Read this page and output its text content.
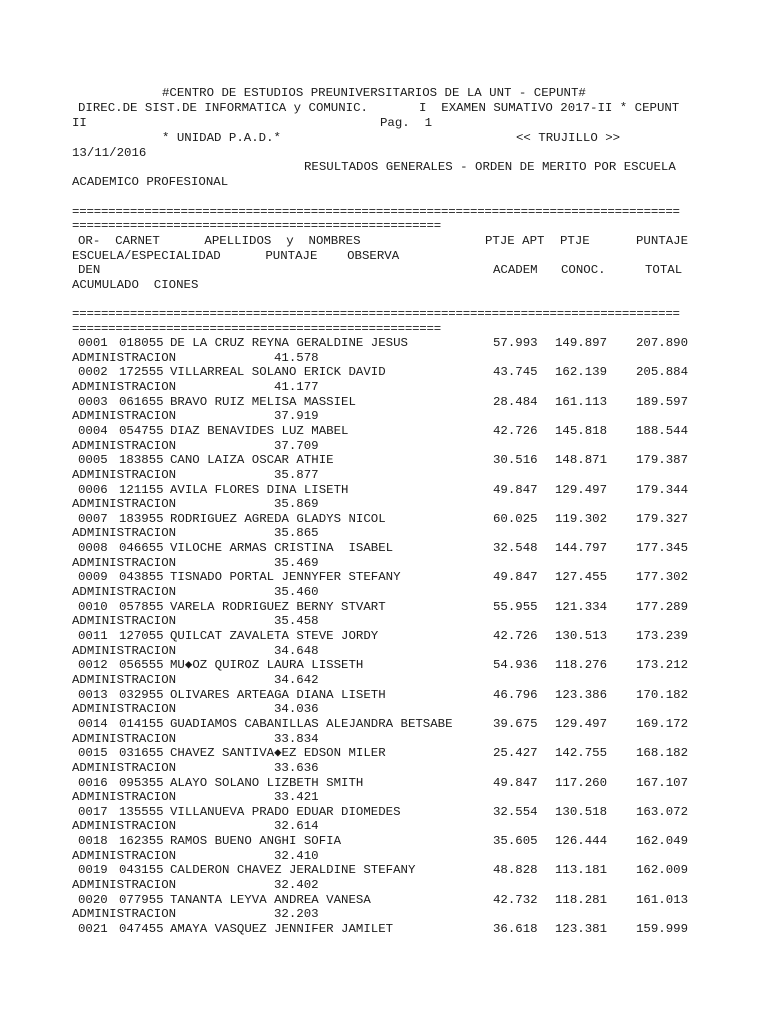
#CENTRO DE ESTUDIOS PREUNIVERSITARIOS DE LA UNT - CEPUNT#
DIREC.DE SIST.DE INFORMATICA y COMUNIC.	I  EXAMEN SUMATIVO 2017-II * CEPUNT
II	Pag.  1
* UNIDAD P.A.D.*	<< TRUJILLO >>
13/11/2016
RESULTADOS GENERALES - ORDEN DE MERITO POR ESCUELA
ACADEMICO PROFESIONAL
====================================================================================
===================================================
OR-  CARNET      APELLIDOS  y  NOMBRES	PTJE APT PTJE	PUNTAJE
ESCUELA/ESPECIALIDAD      PUNTAJE    OBSERVA
DEN	ACADEM CONOC.	TOTAL
ACUMULADO  CIONES
====================================================================================
===================================================
0001 018055 DE LA CRUZ REYNA GERALDINE JESUS	57.993 149.897 207.890
ADMINISTRACION	41.578
0002 172555 VILLARREAL SOLANO ERICK DAVID	43.745 162.139 205.884
ADMINISTRACION	41.177
0003 061655 BRAVO RUIZ MELISA MASSIEL	28.484 161.113 189.597
ADMINISTRACION	37.919
0004 054755 DIAZ BENAVIDES LUZ MABEL	42.726 145.818 188.544
ADMINISTRACION	37.709
0005 183855 CANO LAIZA OSCAR ATHIE	30.516 148.871 179.387
ADMINISTRACION	35.877
0006 121155 AVILA FLORES DINA LISETH	49.847 129.497 179.344
ADMINISTRACION	35.869
0007 183955 RODRIGUEZ AGREDA GLADYS NICOL	60.025 119.302 179.327
ADMINISTRACION	35.865
0008 046655 VILOCHE ARMAS CRISTINA  ISABEL	32.548 144.797 177.345
ADMINISTRACION	35.469
0009 043855 TISNADO PORTAL JENNYFER STEFANY	49.847 127.455 177.302
ADMINISTRACION	35.460
0010 057855 VARELA RODRIGUEZ BERNY STVART	55.955 121.334 177.289
ADMINISTRACION	35.458
0011 127055 QUILCAT ZAVALETA STEVE JORDY	42.726 130.513 173.239
ADMINISTRACION	34.648
0012 056555 MU◆OZ QUIROZ LAURA LISSETH	54.936 118.276 173.212
ADMINISTRACION	34.642
0013 032955 OLIVARES ARTEAGA DIANA LISETH	46.796 123.386 170.182
ADMINISTRACION	34.036
0014 014155 GUADIAMOS CABANILLAS ALEJANDRA BETSABE	39.675 129.497 169.172
ADMINISTRACION	33.834
0015 031655 CHAVEZ SANTIVA◆EZ EDSON MILER	25.427 142.755 168.182
ADMINISTRACION	33.636
0016 095355 ALAYO SOLANO LIZBETH SMITH	49.847 117.260 167.107
ADMINISTRACION	33.421
0017 135555 VILLANUEVA PRADO EDUAR DIOMEDES	32.554 130.518 163.072
ADMINISTRACION	32.614
0018 162355 RAMOS BUENO ANGHI SOFIA	35.605 126.444 162.049
ADMINISTRACION	32.410
0019 043155 CALDERON CHAVEZ JERALDINE STEFANY	48.828 113.181 162.009
ADMINISTRACION	32.402
0020 077955 TANANTA LEYVA ANDREA VANESA	42.732 118.281 161.013
ADMINISTRACION	32.203
0021 047455 AMAYA VASQUEZ JENNIFER JAMILET	36.618 123.381 159.999
